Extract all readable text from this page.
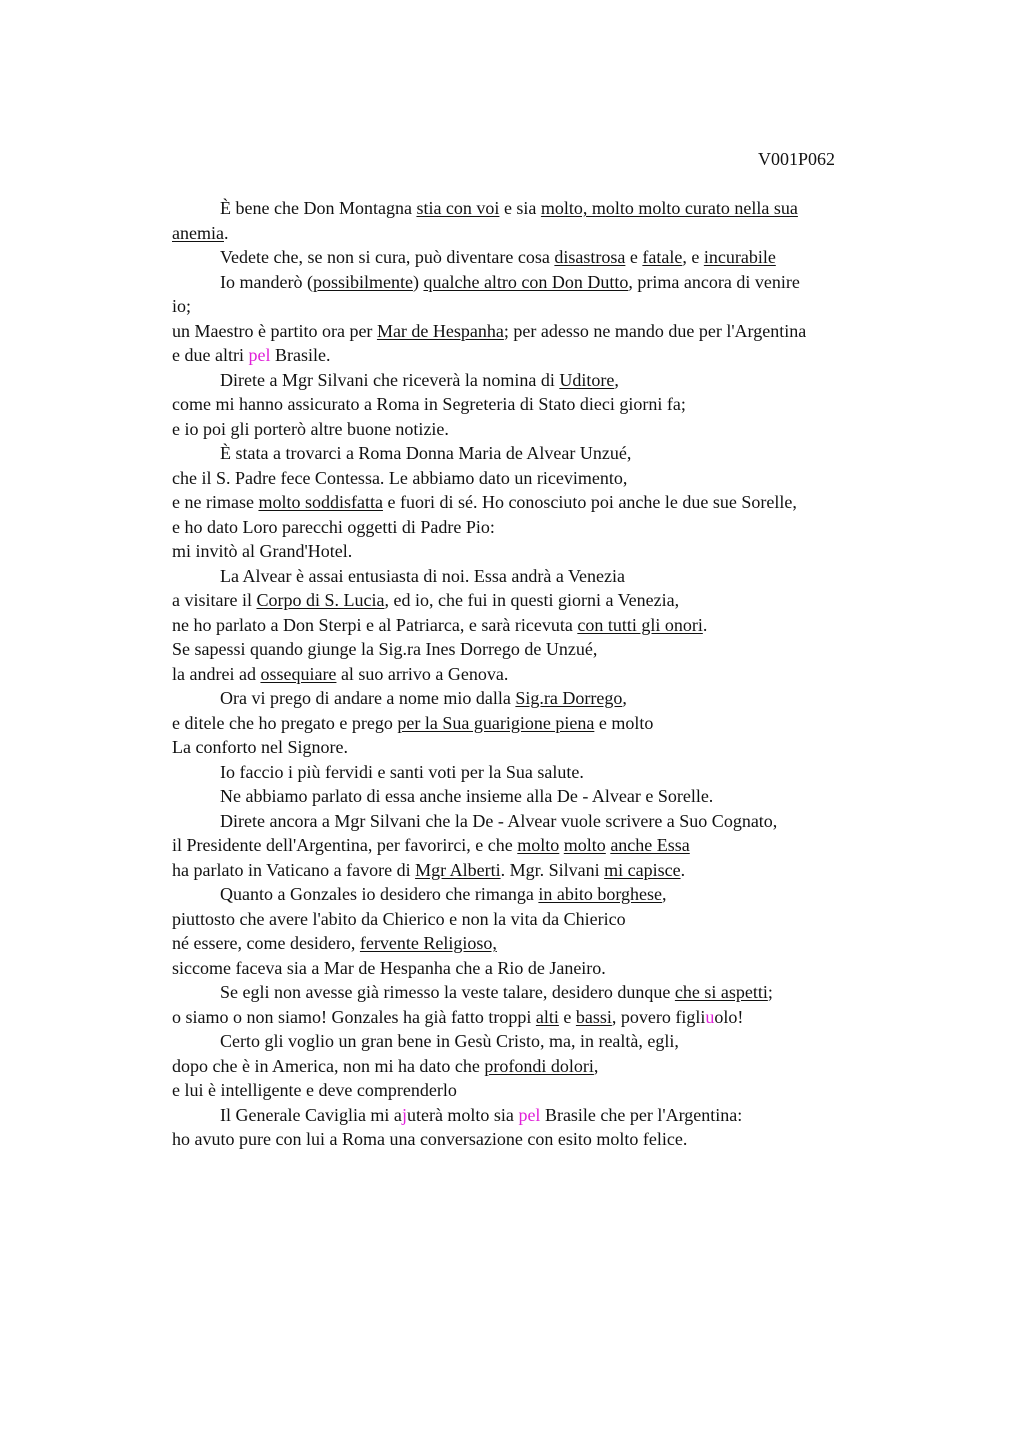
V001P062
È bene che Don Montagna stia con voi e sia molto, molto molto curato nella sua
anemia.
Vedete che, se non si cura, può diventare cosa disastrosa e fatale, e incurabile
Io manderò (possibilmente) qualche altro con Don Dutto, prima ancora di venire
io;
un Maestro è partito ora per Mar de Hespanha; per adesso ne mando due per l'Argentina
e due altri pel Brasile.
Direte a Mgr Silvani che riceverà la nomina di Uditore,
come mi hanno assicurato a Roma in Segreteria di Stato dieci giorni fa;
e io poi gli porterò altre buone notizie.
È stata a trovarci a Roma Donna Maria de Alvear Unzué,
che il S. Padre fece Contessa. Le abbiamo dato un ricevimento,
e ne rimase molto soddisfatta e fuori di sé. Ho conosciuto poi anche le due sue Sorelle,
e ho dato Loro parecchi oggetti di Padre Pio:
mi invitò al Grand'Hotel.
La Alvear è assai entusiasta di noi. Essa andrà a Venezia
a visitare il Corpo di S. Lucia, ed io, che fui in questi giorni a Venezia,
ne ho parlato a Don Sterpi e al Patriarca, e sarà ricevuta con tutti gli onori.
Se sapessi quando giunge la Sig.ra Ines Dorrego de Unzué,
la andrei ad ossequiare al suo arrivo a Genova.
Ora vi prego di andare a nome mio dalla Sig.ra Dorrego,
e ditele che ho pregato e prego per la Sua guarigione piena e molto
La conforto nel Signore.
Io faccio i più fervidi e santi voti per la Sua salute.
Ne abbiamo parlato di essa anche insieme alla De - Alvear e Sorelle.
Direte ancora a Mgr Silvani che la De - Alvear vuole scrivere a Suo Cognato,
il Presidente dell'Argentina, per favorirci, e che molto molto anche Essa
ha parlato in Vaticano a favore di Mgr Alberti. Mgr. Silvani mi capisce.
Quanto a Gonzales io desidero che rimanga in abito borghese,
piuttosto che avere l'abito da Chierico e non la vita da Chierico
né essere, come desidero, fervente Religioso,
siccome faceva sia a Mar de Hespanha che a Rio de Janeiro.
Se egli non avesse già rimesso la veste talare, desidero dunque che si aspetti;
o siamo o non siamo! Gonzales ha già fatto troppi alti e bassi, povero figliuolo!
Certo gli voglio un gran bene in Gesù Cristo, ma, in realtà, egli,
dopo che è in America, non mi ha dato che profondi dolori,
e lui è intelligente e deve comprenderlo
Il Generale Caviglia mi ajuterà molto sia pel Brasile che per l'Argentina:
ho avuto pure con lui a Roma una conversazione con esito molto felice.
